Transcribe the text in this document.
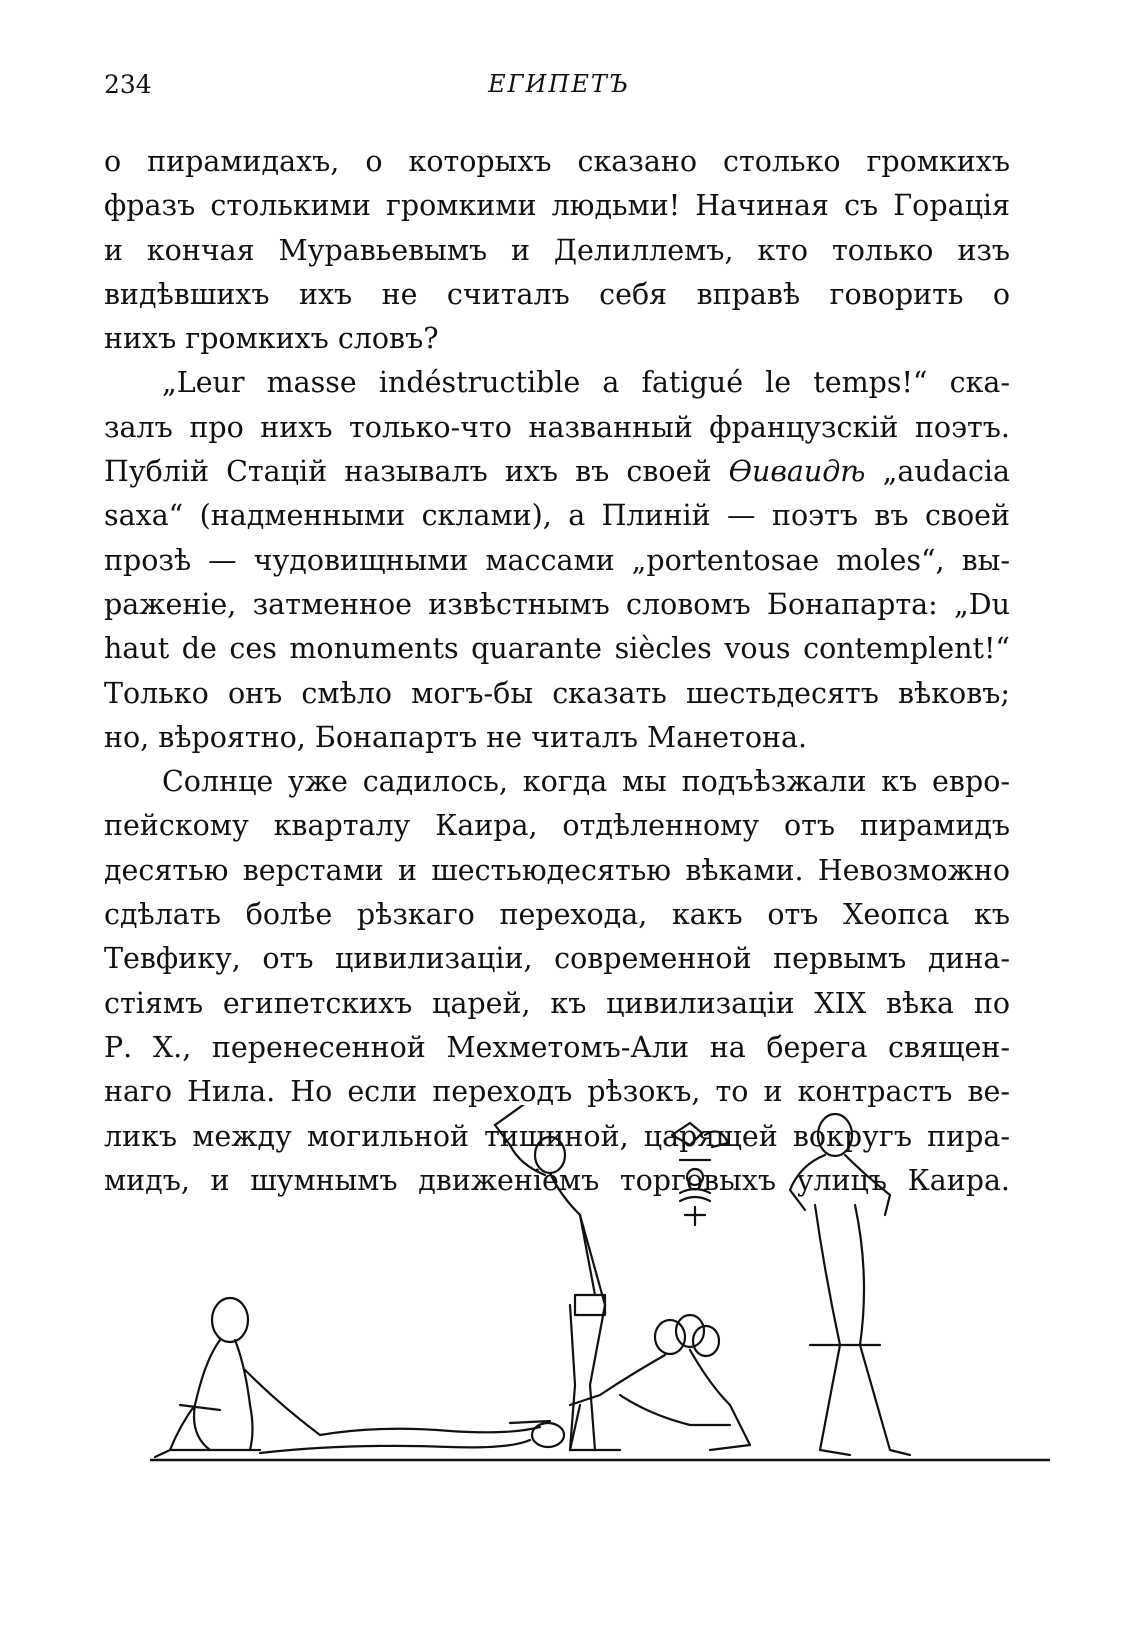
234	ЕГИПЕТЪ

о пирамидахъ, о которыхъ сказано столько громкихъ
фразъ столькими громкими людьми! Начиная съ Горація
и кончая Муравьевымъ и Делиллемъ, кто только изъ
видѣвшихъ ихъ не считалъ себя вправѣ говорить о
нихъ громкихъ словъ?

„Leur masse indéstructible a fatigué le temps!“ ска-
залъ про нихъ только-что названный французскій поэтъ.
Публій Стацій называлъ ихъ въ своей Ѳиваидѣ „audacia
saxa“ (надменными склами), а Плиній — поэтъ въ своей
прозѣ — чудовищными массами „portentosae moles“, вы-
раженіе, затменное извѣстнымъ словомъ Бонапарта: „Du
haut de ces monuments quarante siècles vous contemplent!“
Только онъ смѣло могъ-бы сказать шестьдесятъ вѣковъ;
но, вѣроятно, Бонапартъ не читалъ Манетона.

Солнце уже садилось, когда мы подъѣзжали къ евро-
пейскому кварталу Каира, отдѣленному отъ пирамидъ
десятью верстами и шестьюдесятью вѣками. Невозможно
сдѣлать болѣе рѣзкаго перехода, какъ отъ Хеопса къ
Тевфику, отъ цивилизаціи, современной первымъ дина-
стіямъ египетскихъ царей, къ цивилизаціи XIX вѣка по
Р. Х., перенесенной Мехметомъ-Али на берега священ-
наго Нила. Но если переходъ рѣзокъ, то и контрастъ ве-
ликъ между могильной тишиной, царящей вокругъ пира-
мидъ, и шумнымъ движеніемъ торговыхъ улицъ Каира.
